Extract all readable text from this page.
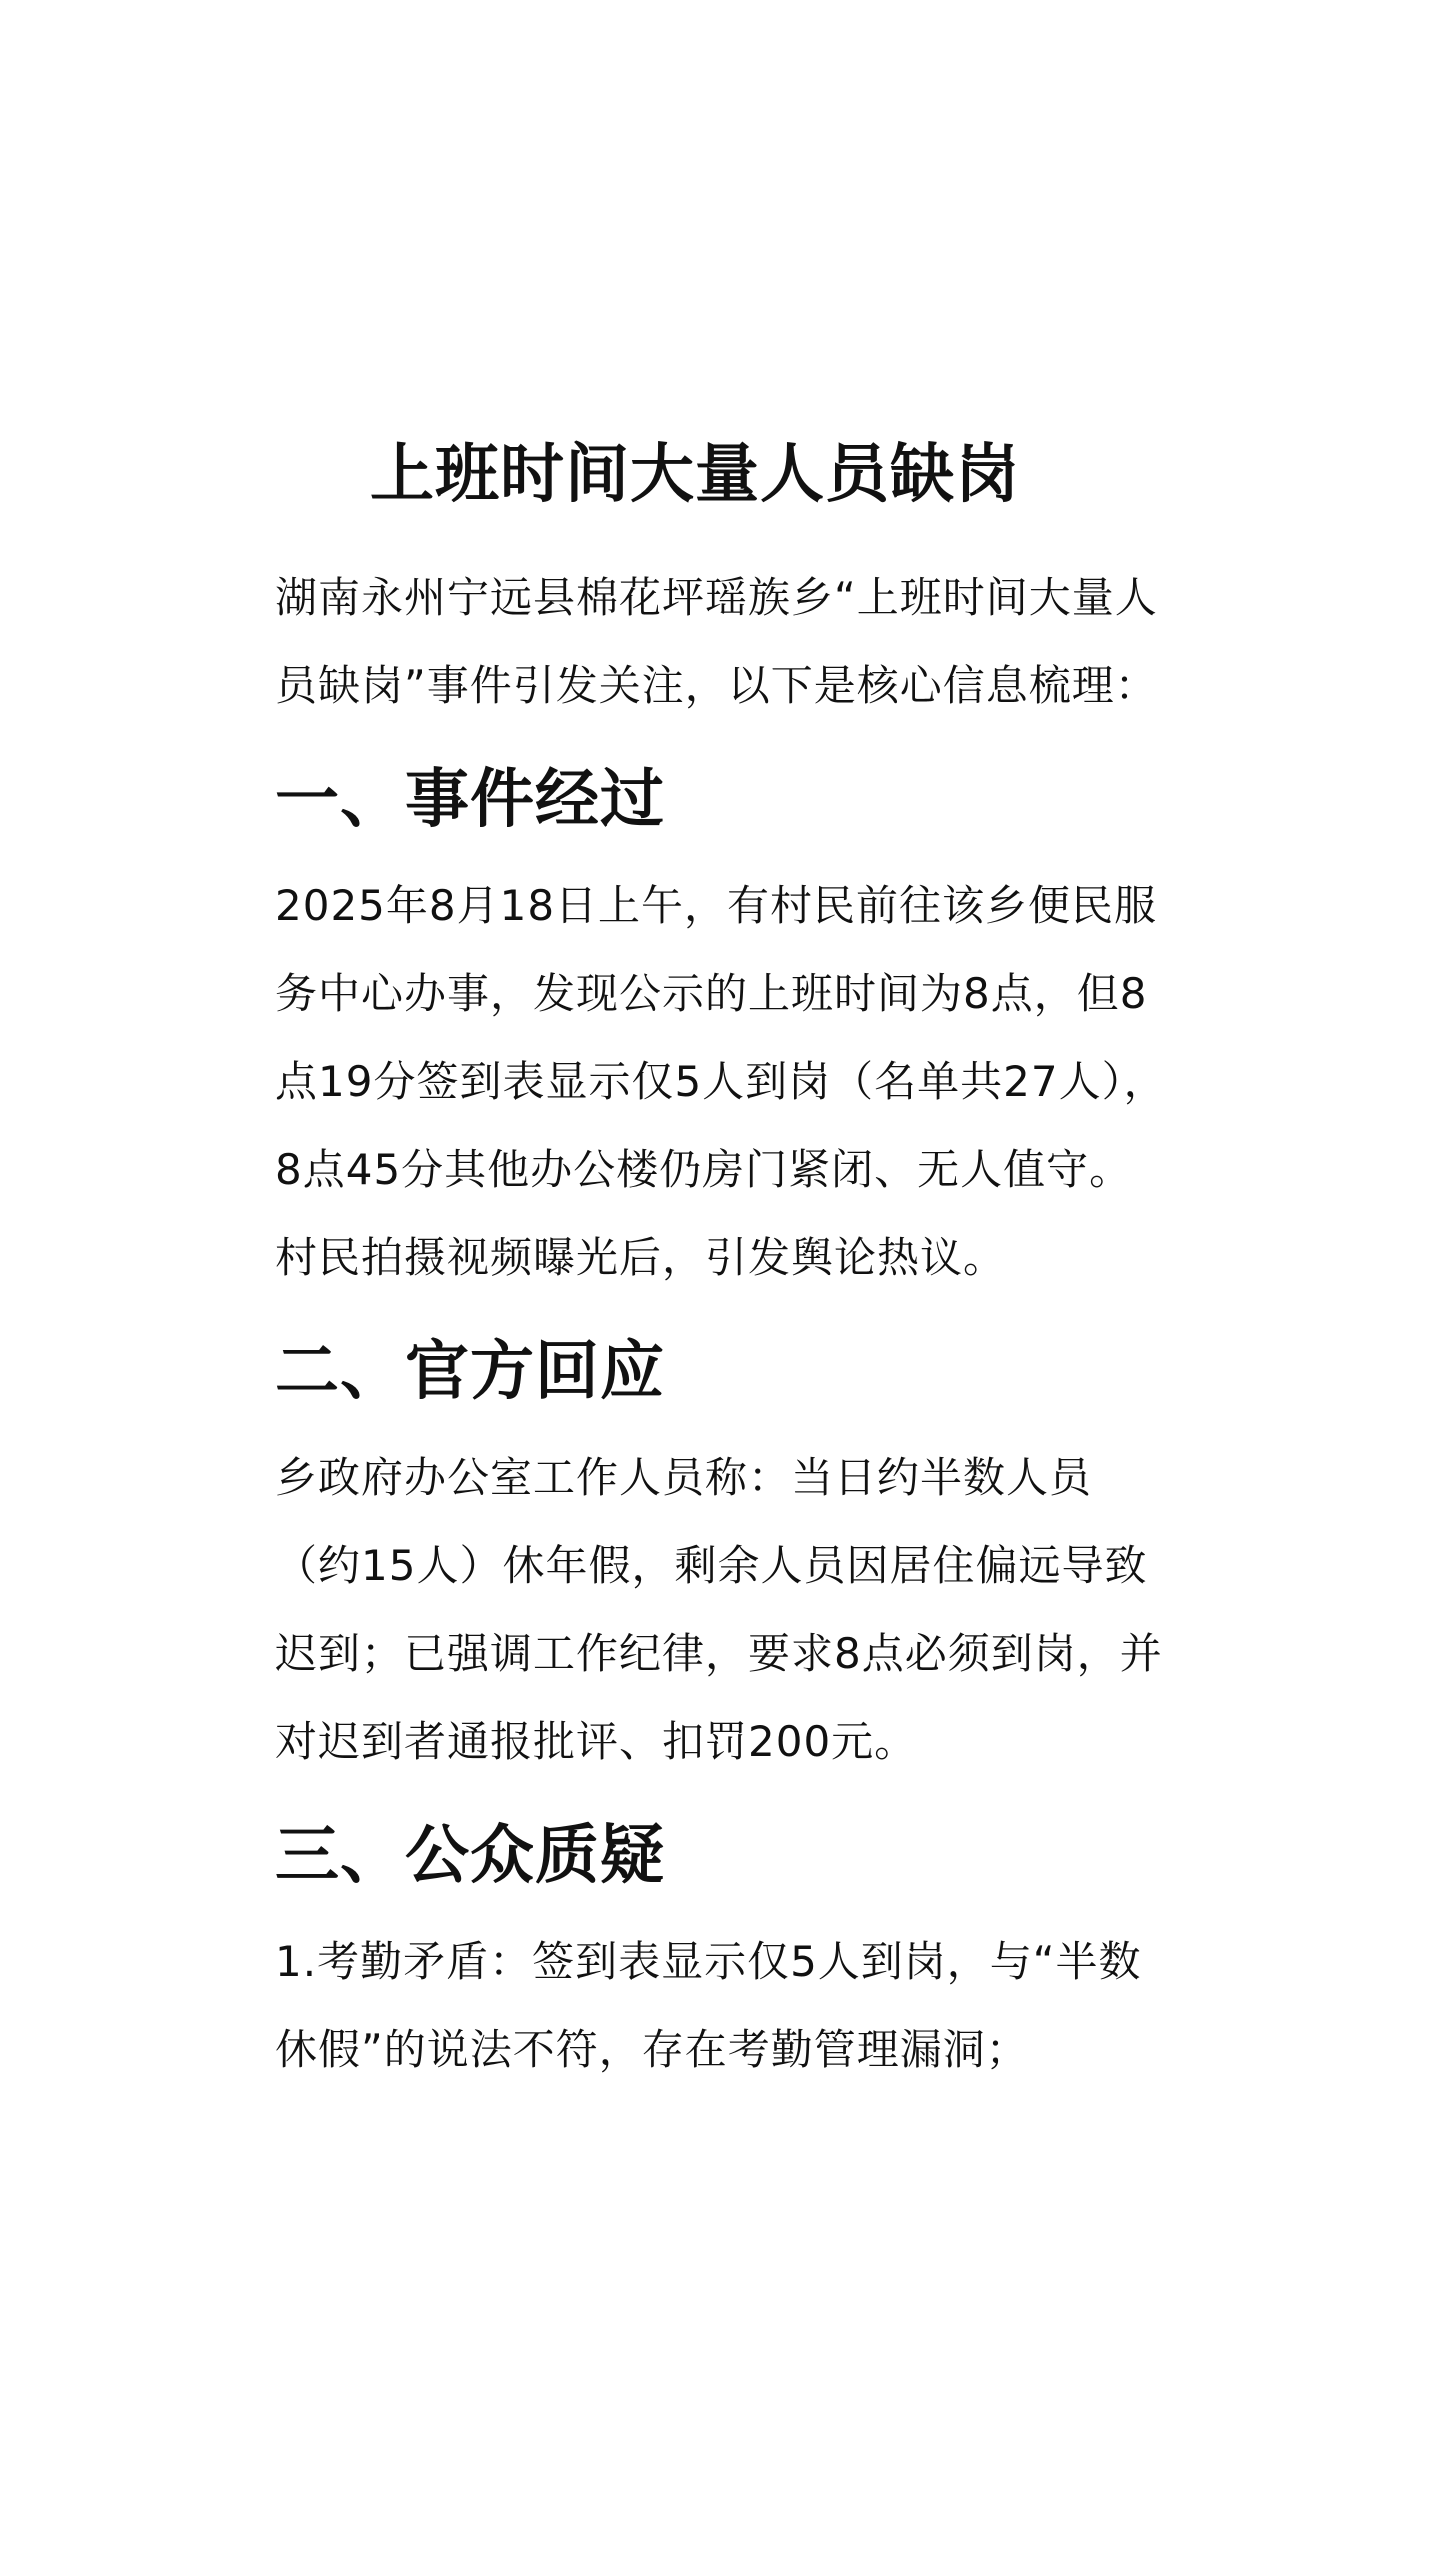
上班时间大量人员缺岗

湖南永州宁远县棉花坪瑶族乡“上班时间大量人员缺岗”事件引发关注，以下是核心信息梳理：

一、事件经过

2025年8月18日上午，有村民前往该乡便民服务中心办事，发现公示的上班时间为8点，但8点19分签到表显示仅5人到岗（名单共27人），8点45分其他办公楼仍房门紧闭、无人值守。村民拍摄视频曝光后，引发舆论热议。

二、官方回应

乡政府办公室工作人员称：当日约半数人员（约15人）休年假，剩余人员因居住偏远导致迟到；已强调工作纪律，要求8点必须到岗，并对迟到者通报批评、扣罚200元。

三、公众质疑

1.考勤矛盾：签到表显示仅5人到岗，与“半数休假”的说法不符，存在考勤管理漏洞；
